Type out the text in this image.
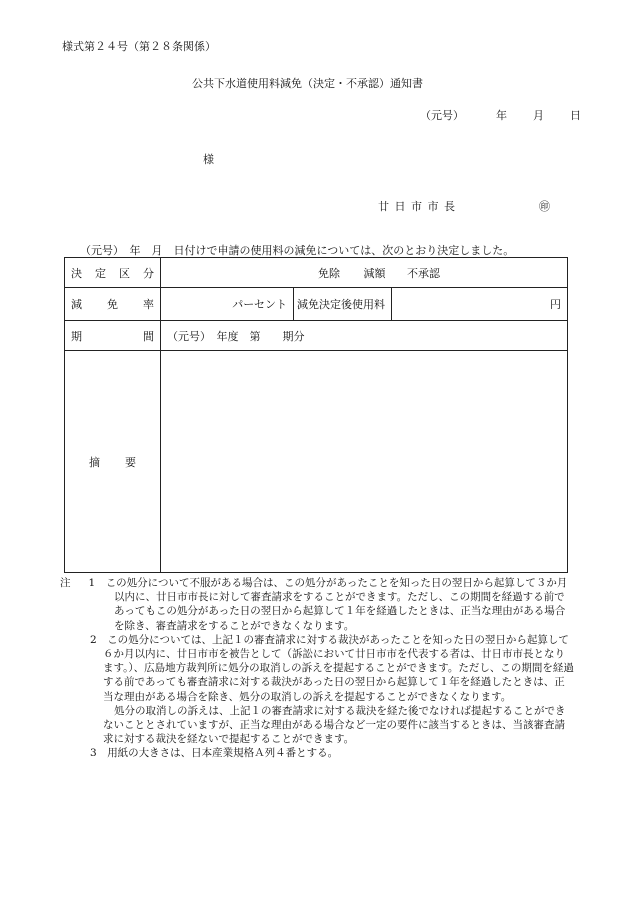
様式第２４号（第２８条関係）
公共下水道使用料減免（決定・不承認）通知書
（元号）	年 月 日
様
廿 日 市 市 長	㊞
（元号）　年　月　日付けで申請の使用料の減免については、次のとおり決定しました。
決 定 区 分	免除 減額 不承認		

減 免 率	パーセント	減免決定後使用料	円

期 間	（元号）　年度　第　　期分		

摘 要			

注 1　 この処分について不服がある場合は、この処分があったことを知った日の翌日から起算して３か月以内に、廿日市市長に対して審査請求をすることができます。ただし、この期間を経過する前であってもこの処分があった日の翌日から起算して１年を経過したときは、正当な理由がある場合を除き、審査請求をすることができなくなります。

2　 この処分については、上記１の審査請求に対する裁決があったことを知った日の翌日から起算して６か月以内に、廿日市市を被告として（訴訟において廿日市市を代表する者は、廿日市市長となります。）、広島地方裁判所に処分の取消しの訴えを提起することができます。ただし、この期間を経過する前であっても審査請求に対する裁決があった日の翌日から起算して１年を経過したときは、正当な理由がある場合を除き、処分の取消しの訴えを提起することができなくなります。

処分の取消しの訴えは、上記１の審査請求に対する裁決を経た後でなければ提起することができないこととされていますが、正当な理由がある場合など一定の要件に該当するときは、当該審査請求に対する裁決を経ないで提起することができます。

3　 用紙の大きさは、日本産業規格Ａ列４番とする。
